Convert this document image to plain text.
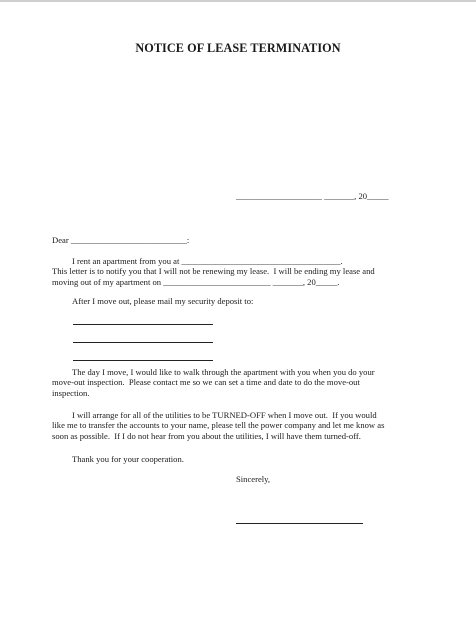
NOTICE OF LEASE TERMINATION
____________________ _______, 20_____
Dear ___________________________:
I rent an apartment from you at _____________________________________.
This letter is to notify you that I will not be renewing my lease.  I will be ending my lease and
moving out of my apartment on _________________________ _______, 20_____.
After I move out, please mail my security deposit to:
The day I move, I would like to walk through the apartment with you when you do your
move-out inspection.  Please contact me so we can set a time and date to do the move-out
inspection.
I will arrange for all of the utilities to be TURNED-OFF when I move out.  If you would
like me to transfer the accounts to your name, please tell the power company and let me know as
soon as possible.  If I do not hear from you about the utilities, I will have them turned-off.
Thank you for your cooperation.
Sincerely,
